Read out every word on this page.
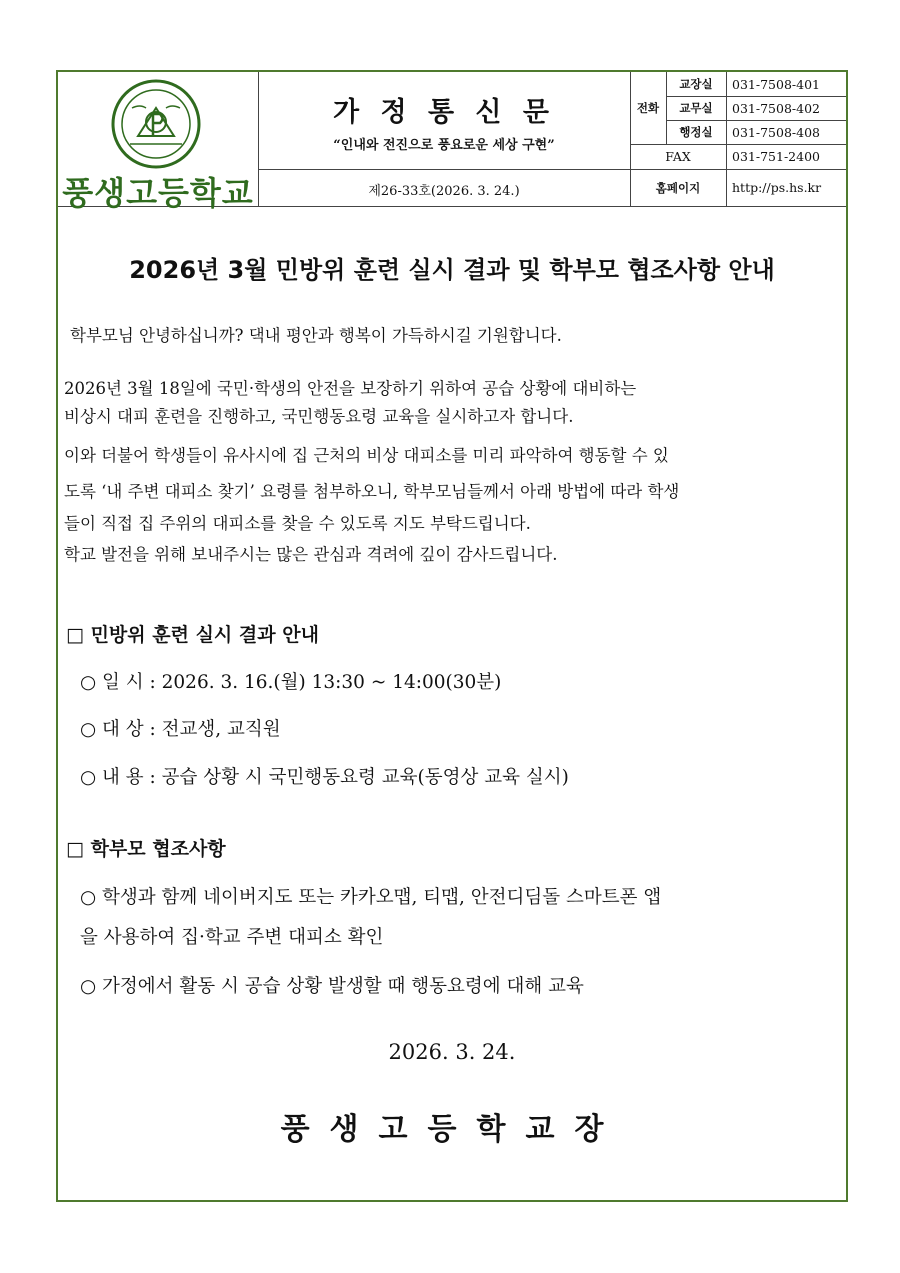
풍생고등학교
가 정 통 신 문
“인내와 전진으로 풍요로운 세상 구현”
제26-33호(2026. 3. 24.)
전화
교장실	031-7508-401
교무실	031-7508-402
행정실	031-7508-408
FAX	031-751-2400
홈페이지	http://ps.hs.kr
2026년 3월 민방위 훈련 실시 결과 및 학부모 협조사항 안내
학부모님 안녕하십니까? 댁내 평안과 행복이 가득하시길 기원합니다.
2026년 3월 18일에 국민·학생의 안전을 보장하기 위하여 공습 상황에 대비하는
비상시 대피 훈련을 진행하고, 국민행동요령 교육을 실시하고자 합니다.
이와 더불어 학생들이 유사시에 집 근처의 비상 대피소를 미리 파악하여 행동할 수 있
도록 ‘내 주변 대피소 찾기’ 요령를 첨부하오니, 학부모님들께서 아래 방법에 따라 학생
들이 직접 집 주위의 대피소를 찾을 수 있도록 지도 부탁드립니다.
학교 발전을 위해 보내주시는 많은 관심과 격려에 깊이 감사드립니다.
□ 민방위 훈련 실시 결과 안내
○ 일 시 : 2026. 3. 16.(월) 13:30 ~ 14:00(30분)
○ 대 상 : 전교생, 교직원
○ 내 용 : 공습 상황 시 국민행동요령 교육(동영상 교육 실시)
□ 학부모 협조사항
○ 학생과 함께 네이버지도 또는 카카오맵, 티맵, 안전디딤돌 스마트폰 앱
을 사용하여 집·학교 주변 대피소 확인
○ 가정에서 활동 시 공습 상황 발생할 때 행동요령에 대해 교육
2026. 3. 24.
풍생고등학교장
